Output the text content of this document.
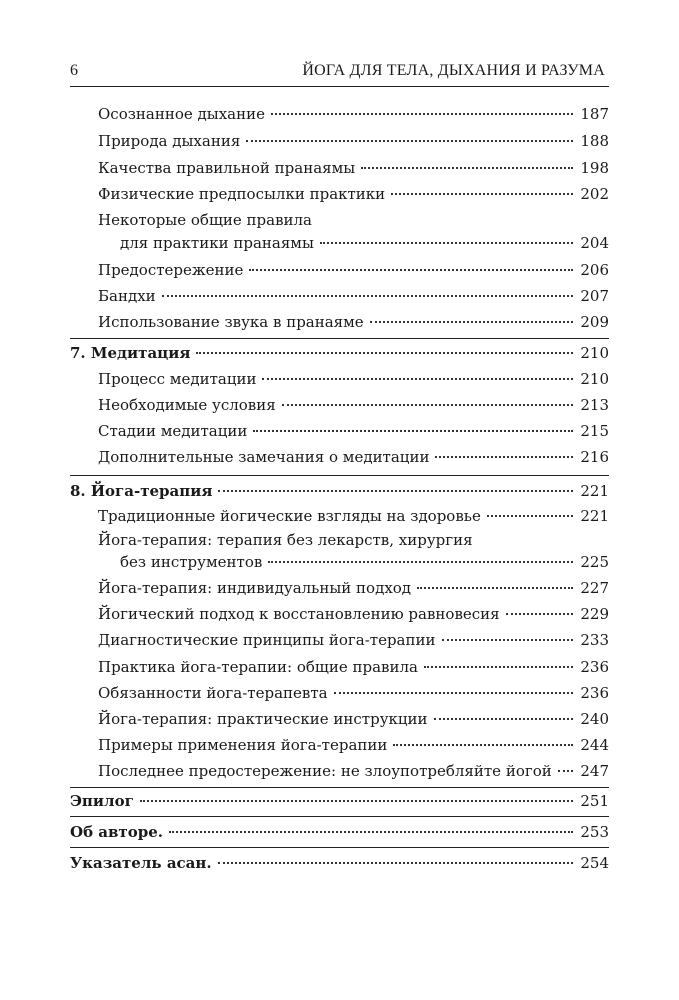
6	ЙОГА ДЛЯ ТЕЛА, ДЫХАНИЯ И РАЗУМА
Осознанное дыхание	187
Природа дыхания	188
Качества правильной пранаямы	198
Физические предпосылки практики	202
Некоторые общие правила
для практики пранаямы	204
Предостережение	206
Бандхи	207
Использование звука в пранаяме	209
7. Медитация	210
Процесс медитации	210
Необходимые условия	213
Стадии медитации	215
Дополнительные замечания о медитации	216
8. Йога-терапия	221
Традиционные йогические взгляды на здоровье	221
Йога-терапия: терапия без лекарств, хирургия
без инструментов	225
Йога-терапия: индивидуальный подход	227
Йогический подход к восстановлению равновесия	229
Диагностические принципы йога-терапии	233
Практика йога-терапии: общие правила	236
Обязанности йога-терапевта	236
Йога-терапия: практические инструкции	240
Примеры применения йога-терапии	244
Последнее предостережение: не злоупотребляйте йогой 247
Эпилог	251
Об авторе.	253
Указатель асан.	254
